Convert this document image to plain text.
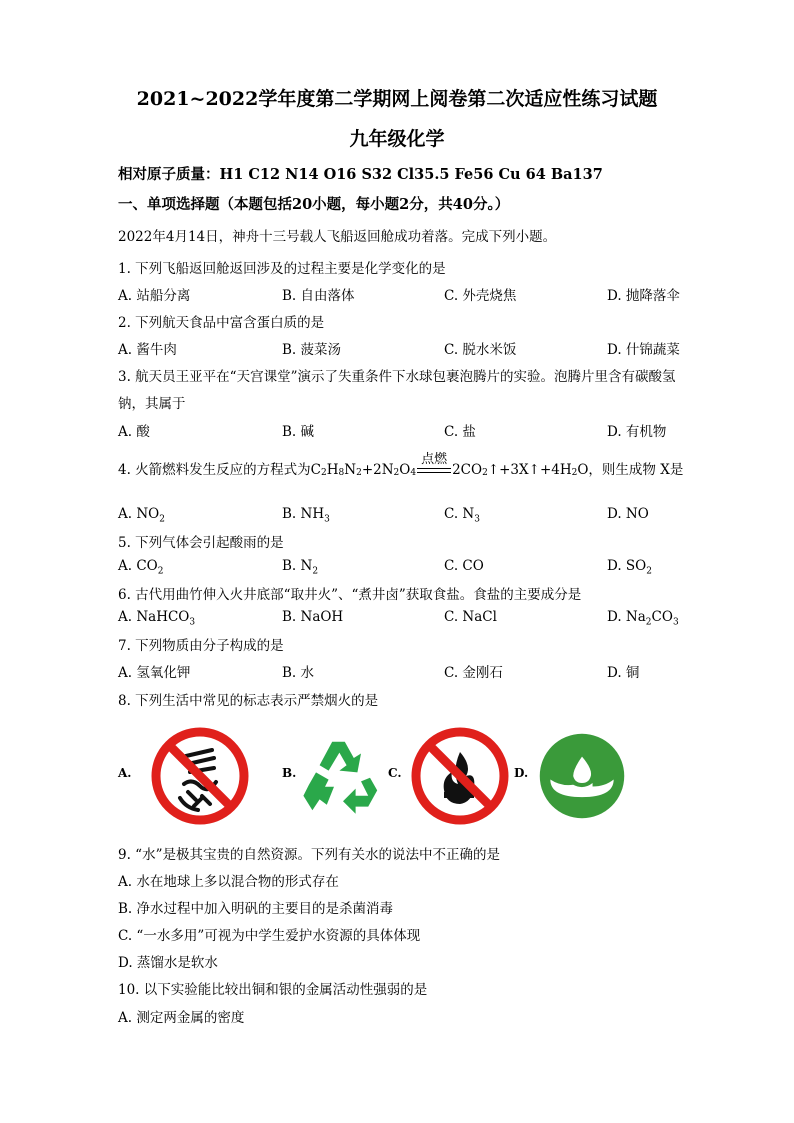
2021~2022学年度第二学期网上阅卷第二次适应性练习试题
九年级化学
相对原子质量：H1 C12 N14 O16 S32 Cl35.5 Fe56 Cu 64 Ba137
一、单项选择题（本题包括20小题，每小题2分，共40分。）
2022年4月14日，神舟十三号载人飞船返回舱成功着落。完成下列小题。
1. 下列飞船返回舱返回涉及的过程主要是化学变化的是
A. 站船分离	B. 自由落体	C. 外壳烧焦	D. 抛降落伞
2. 下列航天食品中富含蛋白质的是
A. 酱牛肉	B. 菠菜汤	C. 脱水米饭	D. 什锦蔬菜
3. 航天员王亚平在“天宫课堂”演示了失重条件下水球包裹泡腾片的实验。泡腾片里含有碳酸氢
钠，其属于
A. 酸	B. 碱	C. 盐	D. 有机物
4. 火箭燃料发生反应的方程式为 $C_2$ $H_8$ $N_2 +2N_2$ $O_4$
点燃
$2CO_2$ $↑+3X↑+4H_2$ O，则生成物 X是
A. $NO_2$	B. $NH_3$	C. $N_3$	D. NO
5. 下列气体会引起酸雨的是
A. $CO_2$	B. $N_2$	C. CO	D. $SO_2$
6. 古代用曲竹伸入火井底部“取井火”、“煮井卤”获取食盐。食盐的主要成分是
A. NaHCO$_3$	B. NaOH	C. NaCl	D. $Na_2CO_3$
7. 下列物质由分子构成的是
A. 氢氧化钾	B. 水	C. 金刚石	D. 铜
8. 下列生活中常见的标志表示严禁烟火的是
A.	B.	C.	D.
9. “水”是极其宝贵的自然资源。下列有关水的说法中不正确的是
A. 水在地球上多以混合物的形式存在
B. 净水过程中加入明矾的主要目的是杀菌消毒
C. “一水多用”可视为中学生爱护水资源的具体体现
D. 蒸馏水是软水
10. 以下实验能比较出铜和银的金属活动性强弱的是
A. 测定两金属的密度
